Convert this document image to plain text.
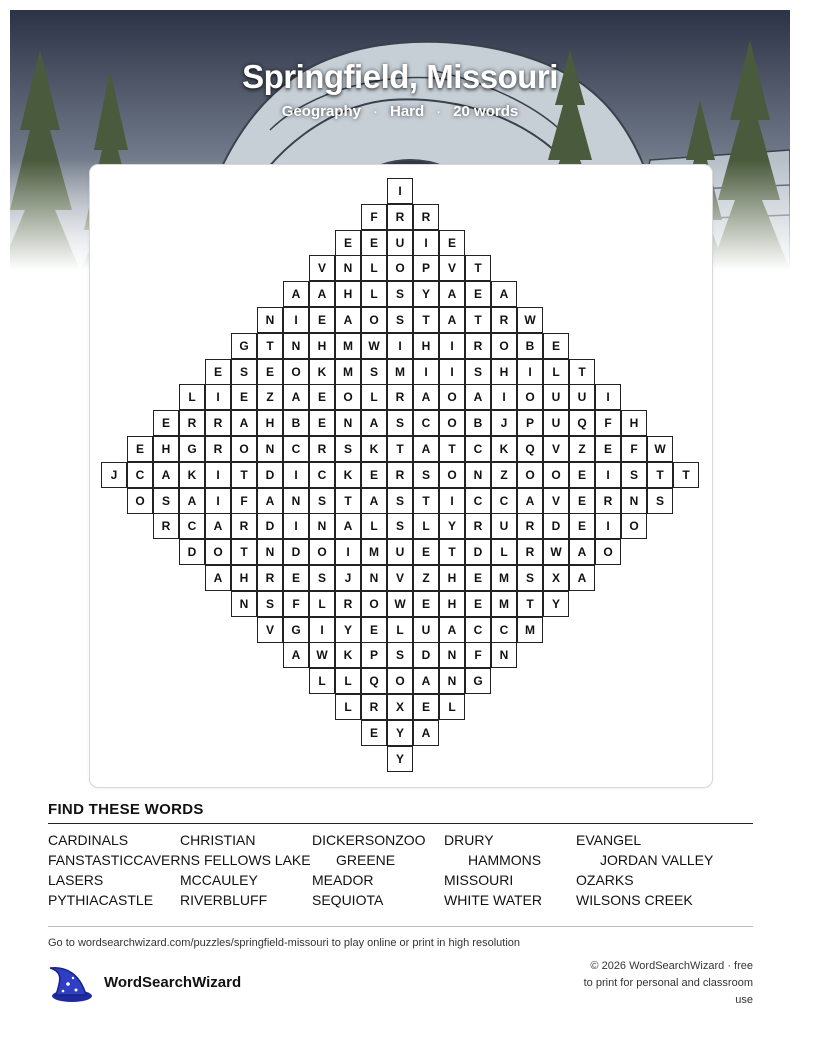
Springfield, Missouri
Geography · Hard · 20 words
I
F	R	R
E	E	U	I	E
V	N	L	O	P	V	T
A	A	H	L	S	Y	A	E	A
N	I	E	A	O	S	T	A	T	R	W
G	T	N	H	M	W	I	H	I	R	O	B	E
E	S	E	O	K	M	S	M	I	I	S	H	I	L	T
L	I	E	Z	A	E	O	L	R	A	O	A	I	O	U	U	I
E	R	R	A	H	B	E	N	A	S	C	O	B	J	P	U	Q	F	H
E	H	G	R	O	N	C	R	S	K	T	A	T	C	K	Q	V	Z	E	F	W
J	C	A	K	I	T	D	I	C	K	E	R	S	O	N	Z	O	O	E	I	S	T	T
O	S	A	I	F	A	N	S	T	A	S	T	I	C	C	A	V	E	R	N	S
R	C	A	R	D	I	N	A	L	S	L	Y	R	U	R	D	E	I	O
D	O	T	N	D	O	I	M	U	E	T	D	L	R	W	A	O
A	H	R	E	S	J	N	V	Z	H	E	M	S	X	A
N	S	F	L	R	O	W	E	H	E	M	T	Y
V	G	I	Y	E	L	U	A	C	C	M
A	W	K	P	S	D	N	F	N
L	L	Q	O	A	N	G
L	R	X	E	L
E	Y	A
Y
FIND THESE WORDS
CARDINALS	CHRISTIAN	DICKERSONZOO DRURY	EVANGEL
FANSTASTICCAVERNS FELLOWS LAKE GREENE	HAMMONS	JORDAN VALLEY
LASERS	MCCAULEY	MEADOR	MISSOURI	OZARKS
PYTHIACASTLE RIVERBLUFF	SEQUIOTA	WHITE WATER WILSONS CREEK
Go to wordsearchwizard.com/puzzles/springfield-missouri to play online or print in high resolution
WordSearchWizard
© 2026 WordSearchWizard · free to print for personal and classroom use
